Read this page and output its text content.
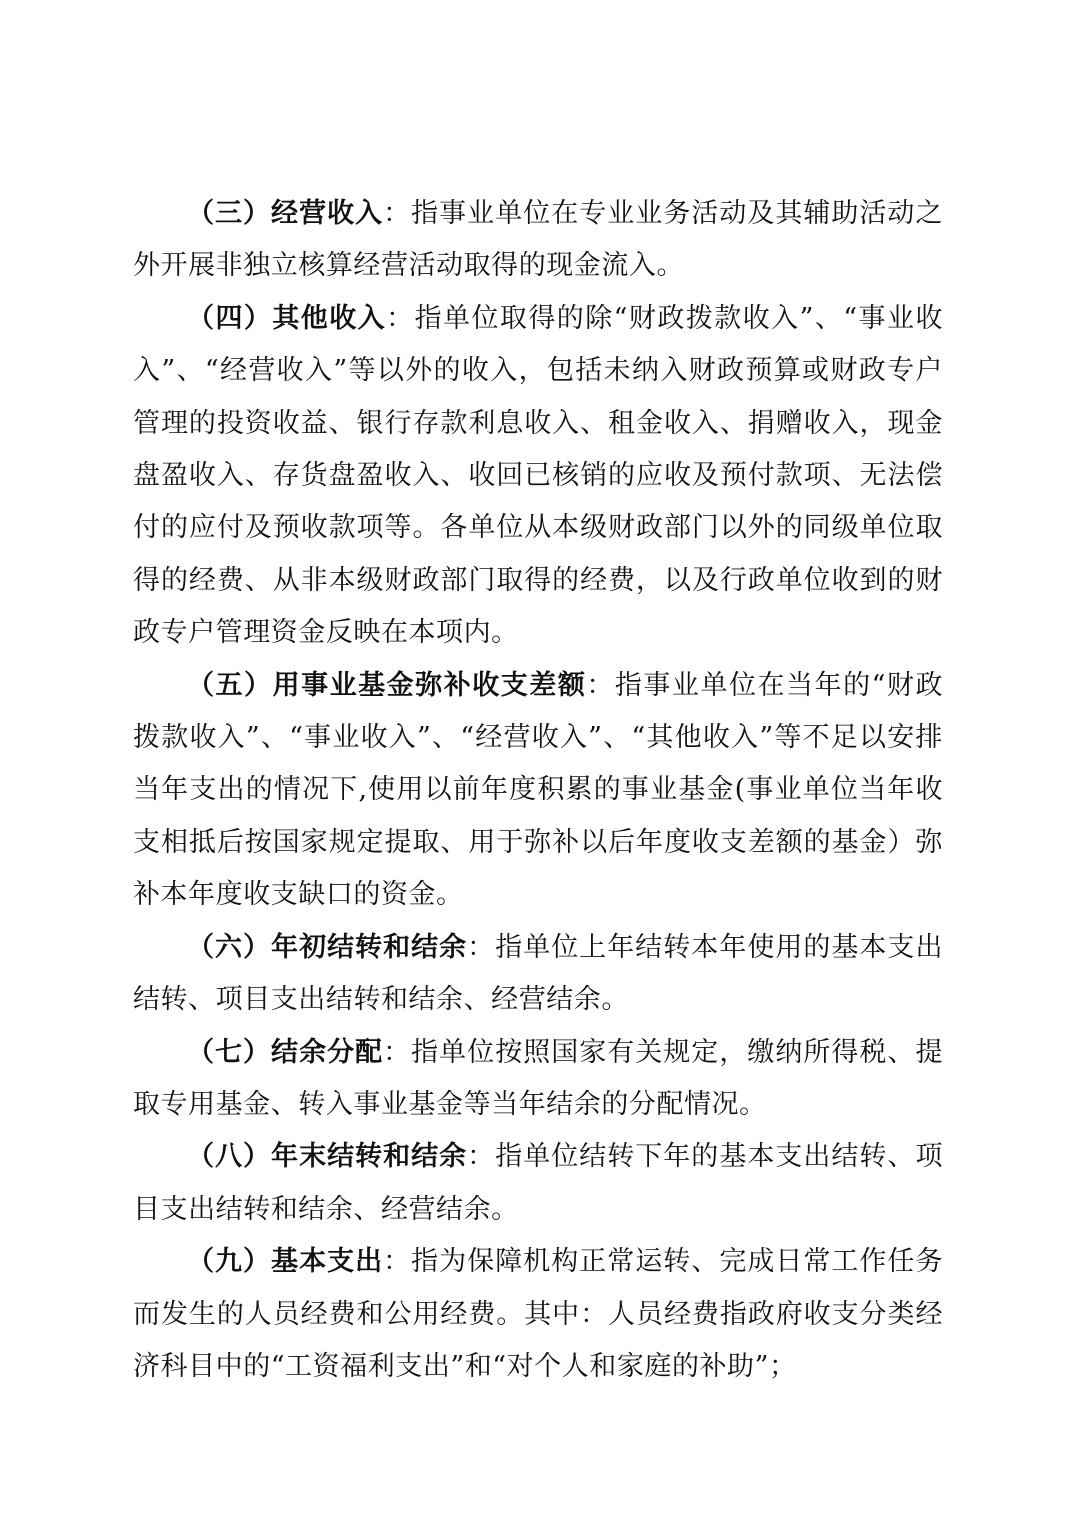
（三）经营收入：指事业单位在专业业务活动及其辅助活动之外开展非独立核算经营活动取得的现金流入。

（四）其他收入：指单位取得的除“财政拨款收入”、“事业收入”、“经营收入”等以外的收入，包括未纳入财政预算或财政专户管理的投资收益、银行存款利息收入、租金收入、捐赠收入，现金盘盈收入、存货盘盈收入、收回已核销的应收及预付款项、无法偿付的应付及预收款项等。各单位从本级财政部门以外的同级单位取得的经费、从非本级财政部门取得的经费，以及行政单位收到的财政专户管理资金反映在本项内。

（五）用事业基金弥补收支差额：指事业单位在当年的“财政拨款收入”、“事业收入”、“经营收入”、“其他收入”等不足以安排当年支出的情况下,使用以前年度积累的事业基金(事业单位当年收支相抵后按国家规定提取、用于弥补以后年度收支差额的基金）弥补本年度收支缺口的资金。

（六）年初结转和结余：指单位上年结转本年使用的基本支出结转、项目支出结转和结余、经营结余。

（七）结余分配：指单位按照国家有关规定，缴纳所得税、提取专用基金、转入事业基金等当年结余的分配情况。

（八）年末结转和结余：指单位结转下年的基本支出结转、项目支出结转和结余、经营结余。

（九）基本支出：指为保障机构正常运转、完成日常工作任务而发生的人员经费和公用经费。其中：人员经费指政府收支分类经济科目中的“工资福利支出”和“对个人和家庭的补助”；
